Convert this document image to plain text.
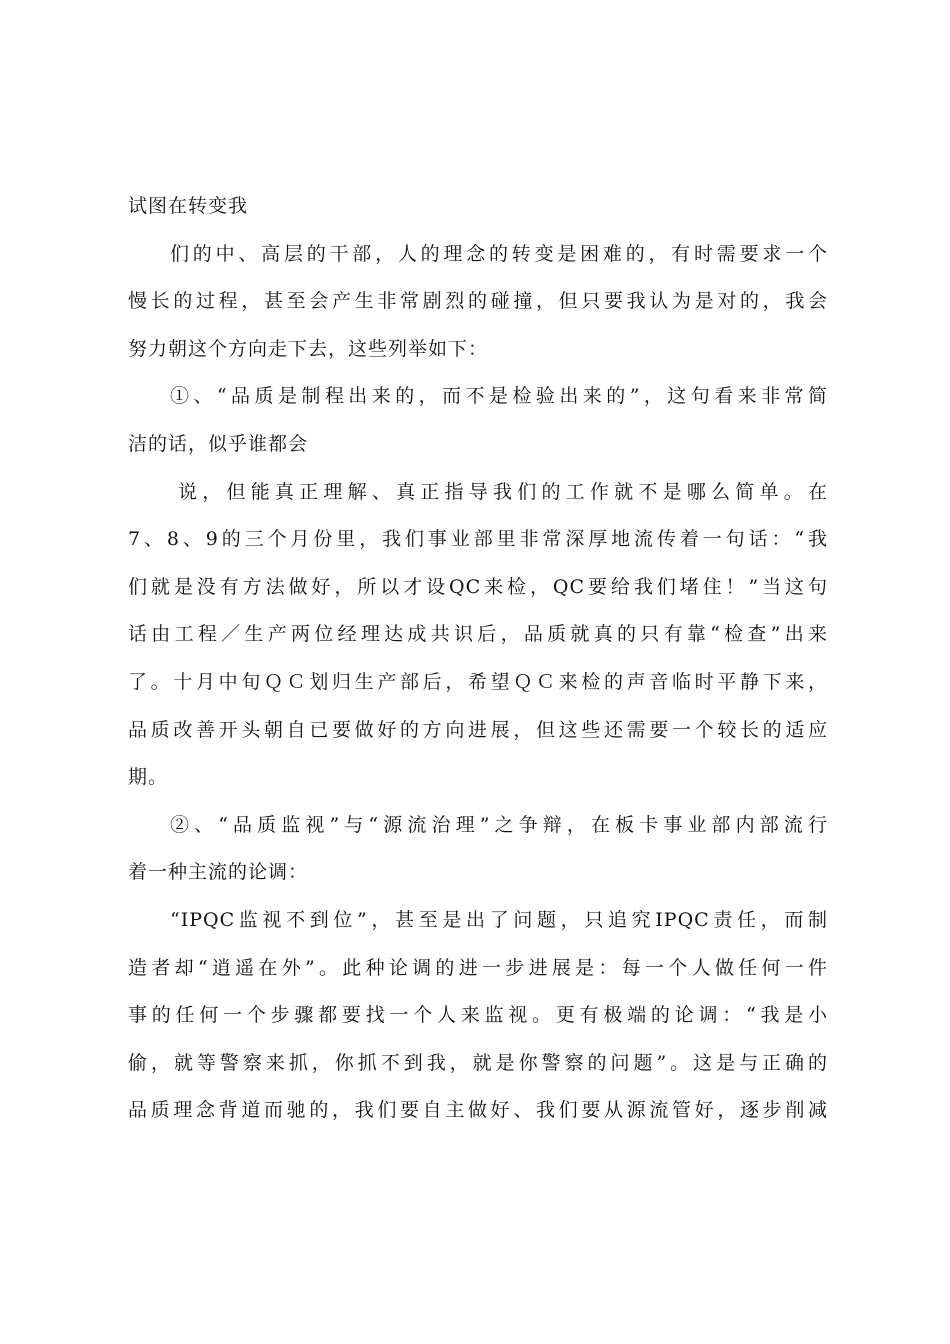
试图在转变我
们的中、高层的干部，人的理念的转变是困难的，有时需要求一个
慢长的过程，甚至会产生非常剧烈的碰撞，但只要我认为是对的，我会
努力朝这个方向走下去，这些列举如下：
①、“品质是制程出来的，而不是检验出来的”，这句看来非常简
洁的话，似乎谁都会
说，但能真正理解、真正指导我们的工作就不是哪么简单。在
7、8、9的三个月份里，我们事业部里非常深厚地流传着一句话：“我
们就是没有方法做好，所以才设QC来检，QC要给我们堵住！”当这句
话由工程／生产两位经理达成共识后，品质就真的只有靠“检查”出来
了。十月中旬ＱＣ划归生产部后，希望ＱＣ来检的声音临时平静下来，
品质改善开头朝自已要做好的方向进展，但这些还需要一个较长的适应
期。
②、“品质监视”与“源流治理”之争辩，在板卡事业部内部流行
着一种主流的论调：
“IPQC监视不到位”，甚至是出了问题，只追究IPQC责任，而制
造者却“逍遥在外”。此种论调的进一步进展是：每一个人做任何一件
事的任何一个步骤都要找一个人来监视。更有极端的论调：“我是小
偷，就等警察来抓，你抓不到我，就是你警察的问题”。这是与正确的
品质理念背道而驰的，我们要自主做好、我们要从源流管好，逐步削减
